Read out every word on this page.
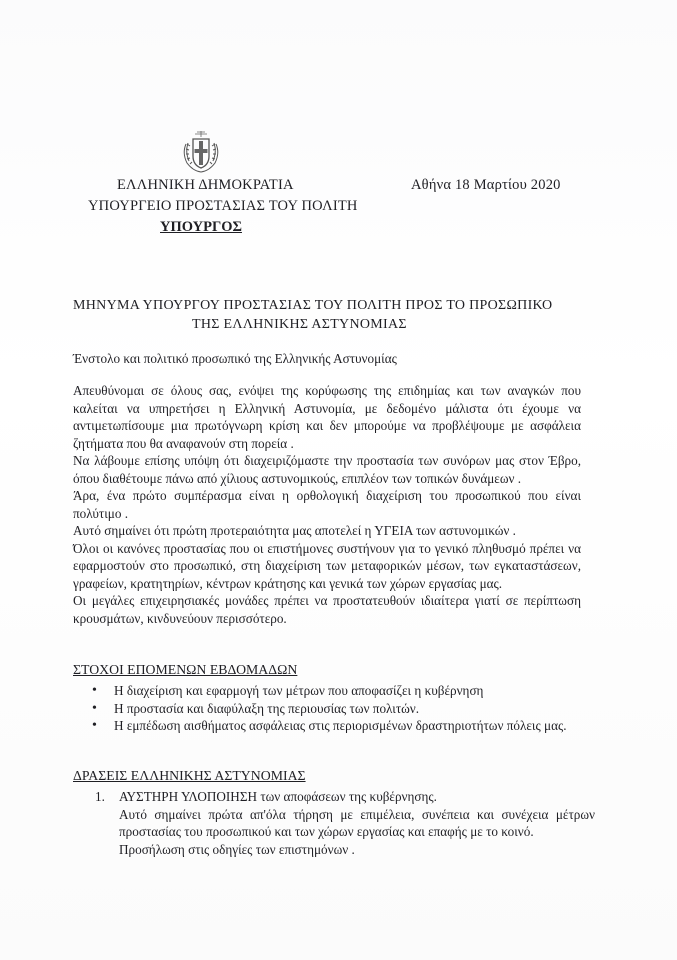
ΕΛΛΗΝΙΚΗ ΔΗΜΟΚΡΑΤΙΑ	Αθήνα 18 Μαρτίου 2020
ΥΠΟΥΡΓΕΙΟ ΠΡΟΣΤΑΣΙΑΣ ΤΟΥ ΠΟΛΙΤΗ
ΥΠΟΥΡΓΟΣ
ΜΗΝΥΜΑ ΥΠΟΥΡΓΟΥ ΠΡΟΣΤΑΣΙΑΣ ΤΟΥ ΠΟΛΙΤΗ ΠΡΟΣ ΤΟ ΠΡΟΣΩΠΙΚΟ
ΤΗΣ ΕΛΛΗΝΙΚΗΣ ΑΣΤΥΝΟΜΙΑΣ
Ένστολο και πολιτικό προσωπικό της Ελληνικής Αστυνομίας

Απευθύνομαι σε όλους σας, ενόψει της κορύφωσης της επιδημίας και των αναγκών που καλείται να υπηρετήσει η Ελληνική Αστυνομία, με δεδομένο μάλιστα ότι έχουμε να αντιμετωπίσουμε μια πρωτόγνωρη κρίση και δεν μπορούμε να προβλέψουμε με ασφάλεια ζητήματα που θα αναφανούν στη πορεία .

Να λάβουμε επίσης υπόψη ότι διαχειριζόμαστε την προστασία των συνόρων μας στον Έβρο, όπου διαθέτουμε πάνω από χίλιους αστυνομικούς, επιπλέον των τοπικών δυνάμεων .

Άρα, ένα πρώτο συμπέρασμα είναι η ορθολογική διαχείριση του προσωπικού που είναι πολύτιμο .

Αυτό σημαίνει ότι πρώτη προτεραιότητα μας αποτελεί η ΥΓΕΙΑ των αστυνομικών .

Όλοι οι κανόνες προστασίας που οι επιστήμονες συστήνουν για το γενικό πληθυσμό πρέπει να εφαρμοστούν στο προσωπικό, στη διαχείριση των μεταφορικών μέσων, των εγκαταστάσεων, γραφείων, κρατητηρίων, κέντρων κράτησης και γενικά των χώρων εργασίας μας.

Οι μεγάλες επιχειρησιακές μονάδες πρέπει να προστατευθούν ιδιαίτερα γιατί σε περίπτωση κρουσμάτων, κινδυνεύουν περισσότερο.

ΣΤΟΧΟΙ ΕΠΟΜΕΝΩΝ ΕΒΔΟΜΑΔΩΝ
• Η διαχείριση και εφαρμογή των μέτρων που αποφασίζει η κυβέρνηση
• Η προστασία και διαφύλαξη της περιουσίας των πολιτών.
• Η εμπέδωση αισθήματος ασφάλειας στις περιορισμένων δραστηριοτήτων πόλεις μας.
ΔΡΑΣΕΙΣ ΕΛΛΗΝΙΚΗΣ ΑΣΤΥΝΟΜΙΑΣ
1. ΑΥΣΤΗΡΗ ΥΛΟΠΟΙΗΣΗ των αποφάσεων της κυβέρνησης.

Αυτό σημαίνει πρώτα απ'όλα τήρηση με επιμέλεια, συνέπεια και συνέχεια μέτρων προστασίας του προσωπικού και των χώρων εργασίας και επαφής με το κοινό.

Προσήλωση στις οδηγίες των επιστημόνων .
